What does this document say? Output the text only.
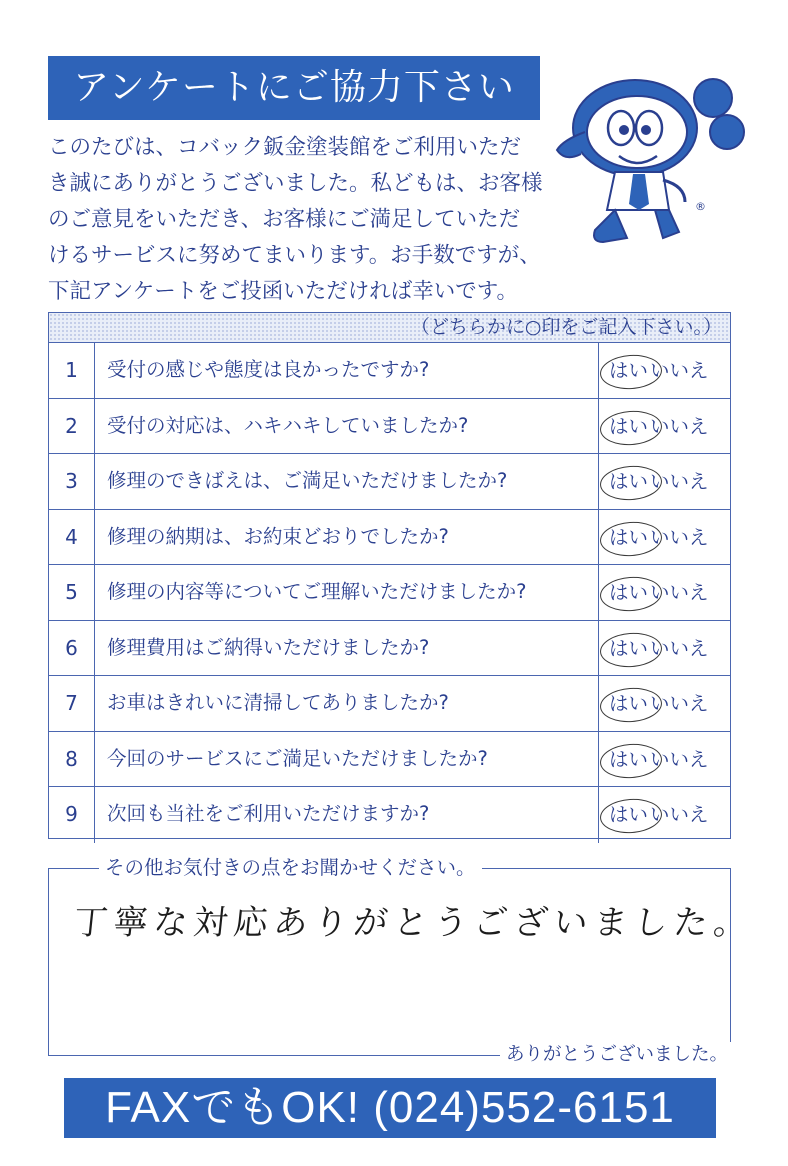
アンケートにご協力下さい
このたびは、コバック鈑金塗装館をご利用いただ
き誠にありがとうございました。私どもは、お客様
のご意見をいただき、お客様にご満足していただ
けるサービスに努めてまいります。お手数ですが、
下記アンケートをご投函いただければ幸いです。
®
（どちらかに○印をご記入下さい。）
1	受付の感じや態度は良かったですか?	はい いいえ
2	受付の対応は、ハキハキしていましたか?	はい いいえ
3	修理のできばえは、ご満足いただけましたか?	はい いいえ
4	修理の納期は、お約束どおりでしたか?	はい いいえ
5	修理の内容等についてご理解いただけましたか?	はい いいえ
6	修理費用はご納得いただけましたか?	はい いいえ
7	お車はきれいに清掃してありましたか?	はい いいえ
8	今回のサービスにご満足いただけましたか?	はい いいえ
9	次回も当社をご利用いただけますか?	はい いいえ
その他お気付きの点をお聞かせください。
丁寧な対応ありがとうございました。
ありがとうございました。
FAXでもOK! (024)552-6151
